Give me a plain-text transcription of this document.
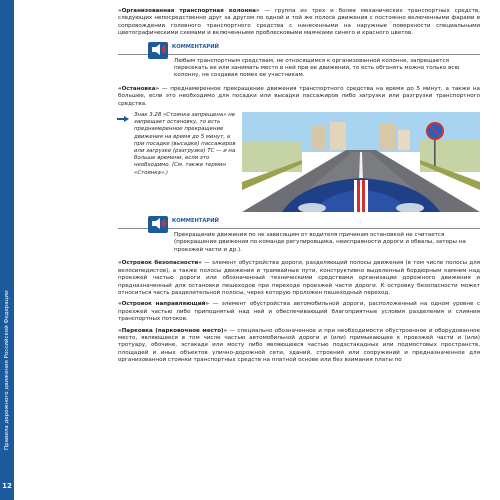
Правила дорожного движения Российской Федерации
12

«Организованная транспортная колонна» — группа из трех и более механических транспортных средств, следующих непосредственно друг за другом по одной и той же полосе движения с постоянно включенными фарами в сопровождении головного транспортного средства с нанесенными на наружные поверхности специальными цветографическими схемами и включенными проблесковыми маячками синего и красного цветов.

КОММЕНТАРИЙ
Любым транспортным средствам, не относящимся к организованной колонне, запрещается пересекать ее или занимать место в ней при ее движении, то есть обгонять можно только всю колонну, не создавая помех ее участникам.

«Остановка» — преднамеренное прекращение движения транспортного средства на время до 5 минут, а также на большее, если это необходимо для посадки или высадки пассажиров либо загрузки или разгрузки транспортного средства.

Знак 3.28 «Стоянка запрещена» не запрещает остановку, то есть преднамеренное прекращение движения на время до 5 минут, а при посадке (высадке) пассажиров или загрузке (разгрузке) ТС — и на больше времени, если это необходимо. (См. также термин «Стоянка».)
КОММЕНТАРИЙ
Прекращение движения по не зависящим от водителя причинам остановкой не считается (прекращение движения по команде регулировщика, неисправности дороги и обвалы, заторы на проезжей части и др.).

«Островок безопасности» — элемент обустройства дороги, разделяющий полосы движения (в том числе полосы для велосипедистов), а также полосы движения и трамвайные пути, конструктивно выделенный бордюрным камнем над проезжей частью дороги или обозначенный техническими средствами организации дорожного движения и предназначенный для остановки пешеходов при переходе проезжей части дороги. К островку безопасности может относиться часть разделительной полосы, через которую проложен пешеходный переход.

«Островок направляющий» — элемент обустройства автомобильной дороги, расположенный на одном уровне с проезжей частью либо приподнятый над ней и обеспечивающий благоприятные условия разделения и слияния транспортных потоков.

«Парковка (парковочное место)» — специально обозначенное и при необходимости обустроенное и оборудованное место, являющееся в том числе частью автомобильной дороги и (или) примыкающее к проезжей части и (или) тротуару, обочине, эстакаде или мосту либо являющееся частью подэстакадных или подмостовых пространств, площадей и иных объектов улично-дорожной сети, зданий, строений или сооружений и предназначенное для организованной стоянки транспортных средств на платной основе или без взимания платы по
